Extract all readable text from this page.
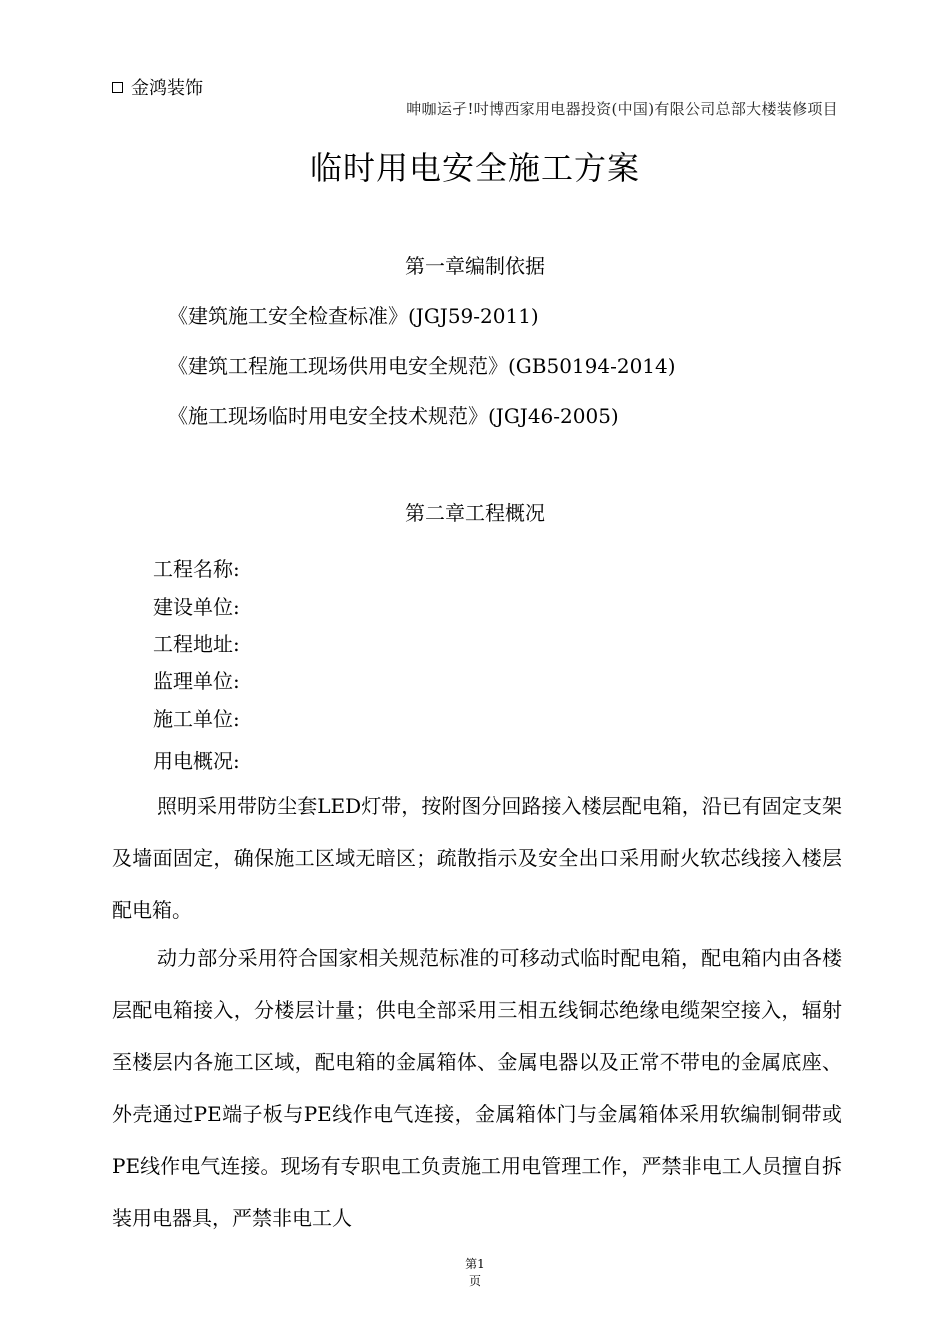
金鸿装饰
呻咖运孑!吋博西家用电器投资(中国)有限公司总部大楼装修项目
临时用电安全施工方案
第一章编制依据
《建筑施工安全检查标准》(JGJ59-2011)
《建筑工程施工现场供用电安全规范》(GB50194-2014)
《施工现场临时用电安全技术规范》(JGJ46-2005)
第二章工程概况
工程名称:
建设单位:
工程地址:
监理单位:
施工单位:
用电概况:

照明采用带防尘套LED灯带，按附图分回路接入楼层配电箱，沿已有固定支架及墙面固定，确保施工区域无暗区；疏散指示及安全出口采用耐火软芯线接入楼层配电箱。

动力部分采用符合国家相关规范标准的可移动式临时配电箱，配电箱内由各楼层配电箱接入，分楼层计量；供电全部采用三相五线铜芯绝缘电缆架空接入，辐射至楼层内各施工区域，配电箱的金属箱体、金属电器以及正常不带电的金属底座、外壳通过PE端子板与PE线作电气连接，金属箱体门与金属箱体采用软编制铜带或PE线作电气连接。现场有专职电工负责施工用电管理工作，严禁非电工人员擅自拆装用电器具，严禁非电工人

第1
页
